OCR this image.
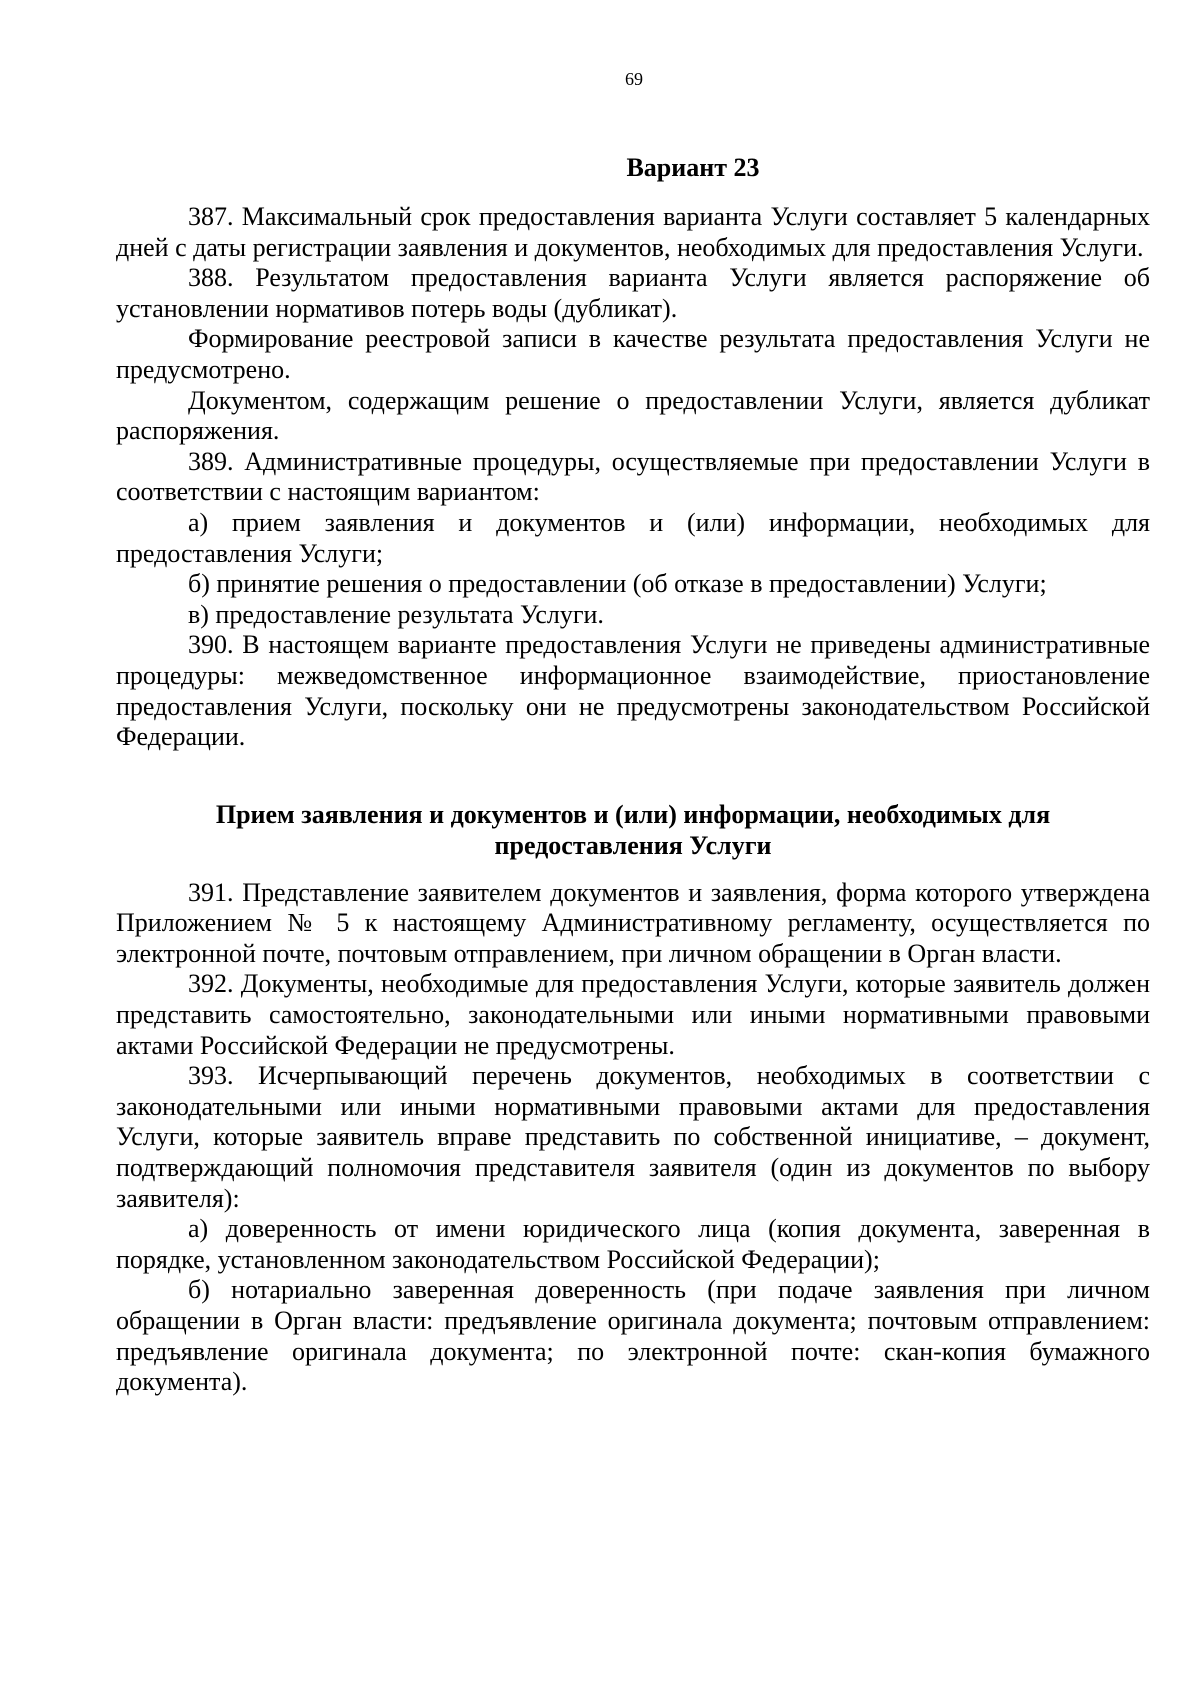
69
Вариант 23

387. Максимальный срок предоставления варианта Услуги составляет 5 календарных дней с даты регистрации заявления и документов, необходимых для предоставления Услуги.

388. Результатом предоставления варианта Услуги является распоряжение об установлении нормативов потерь воды (дубликат).

Формирование реестровой записи в качестве результата предоставления Услуги не предусмотрено.

Документом, содержащим решение о предоставлении Услуги, является дубликат распоряжения.

389. Административные процедуры, осуществляемые при предоставлении Услуги в соответствии с настоящим вариантом:

а) прием заявления и документов и (или) информации, необходимых для предоставления Услуги;

б) принятие решения о предоставлении (об отказе в предоставлении) Услуги;

в) предоставление результата Услуги.

390. В настоящем варианте предоставления Услуги не приведены административные процедуры: межведомственное информационное взаимодействие, приостановление предоставления Услуги, поскольку они не предусмотрены законодательством Российской Федерации.

Прием заявления и документов и (или) информации, необходимых для
предоставления Услуги

391. Представление заявителем документов и заявления, форма которого утверждена Приложением № 5 к настоящему Административному регламенту, осуществляется по электронной почте, почтовым отправлением, при личном обращении в Орган власти.

392. Документы, необходимые для предоставления Услуги, которые заявитель должен представить самостоятельно, законодательными или иными нормативными правовыми актами Российской Федерации не предусмотрены.

393. Исчерпывающий перечень документов, необходимых в соответствии с законодательными или иными нормативными правовыми актами для предоставления Услуги, которые заявитель вправе представить по собственной инициативе, – документ, подтверждающий полномочия представителя заявителя (один из документов по выбору заявителя):

а) доверенность от имени юридического лица (копия документа, заверенная в порядке, установленном законодательством Российской Федерации);

б) нотариально заверенная доверенность (при подаче заявления при личном обращении в Орган власти: предъявление оригинала документа; почтовым отправлением: предъявление оригинала документа; по электронной почте: скан-копия бумажного документа).
